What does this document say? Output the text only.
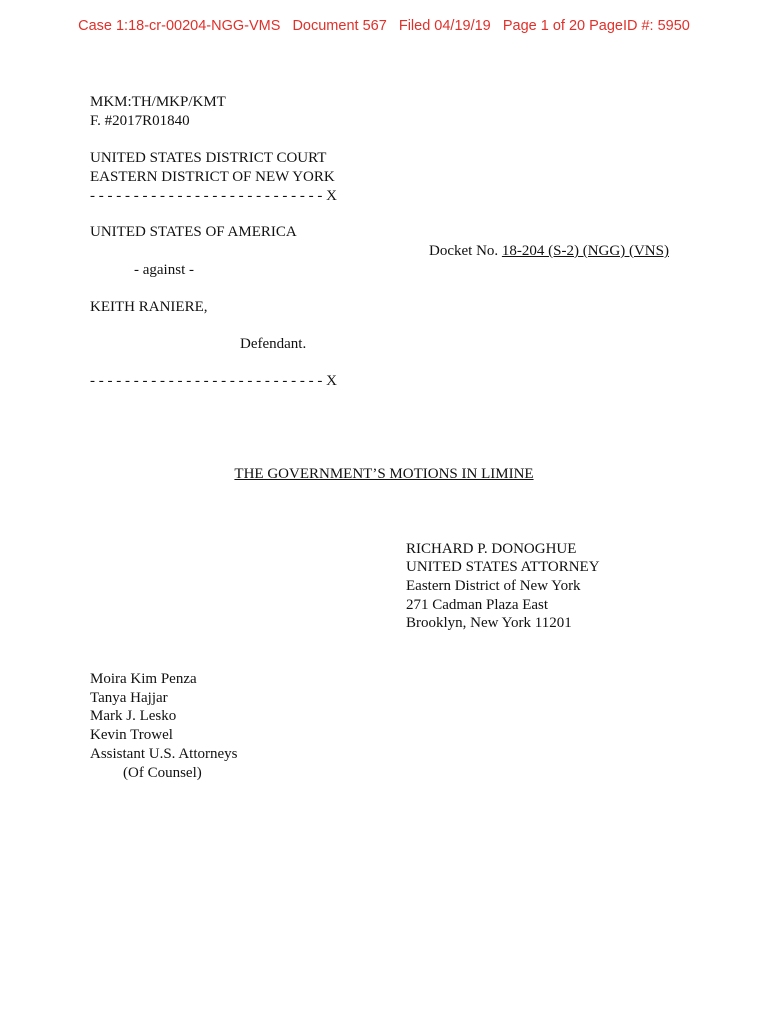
Case 1:18-cr-00204-NGG-VMS   Document 567   Filed 04/19/19   Page 1 of 20 PageID #: 5950
MKM:TH/MKP/KMT
F. #2017R01840
UNITED STATES DISTRICT COURT
EASTERN DISTRICT OF NEW YORK
- - - - - - - - - - - - - - - - - - - - - - - - - - - X
UNITED STATES OF AMERICA
Docket No. 18-204 (S-2) (NGG) (VNS)
- against -
KEITH RANIERE,
Defendant.
- - - - - - - - - - - - - - - - - - - - - - - - - - - X
THE GOVERNMENT’S MOTIONS IN LIMINE
RICHARD P. DONOGHUE
UNITED STATES ATTORNEY
Eastern District of New York
271 Cadman Plaza East
Brooklyn, New York 11201
Moira Kim Penza
Tanya Hajjar
Mark J. Lesko
Kevin Trowel
Assistant U.S. Attorneys
(Of Counsel)
